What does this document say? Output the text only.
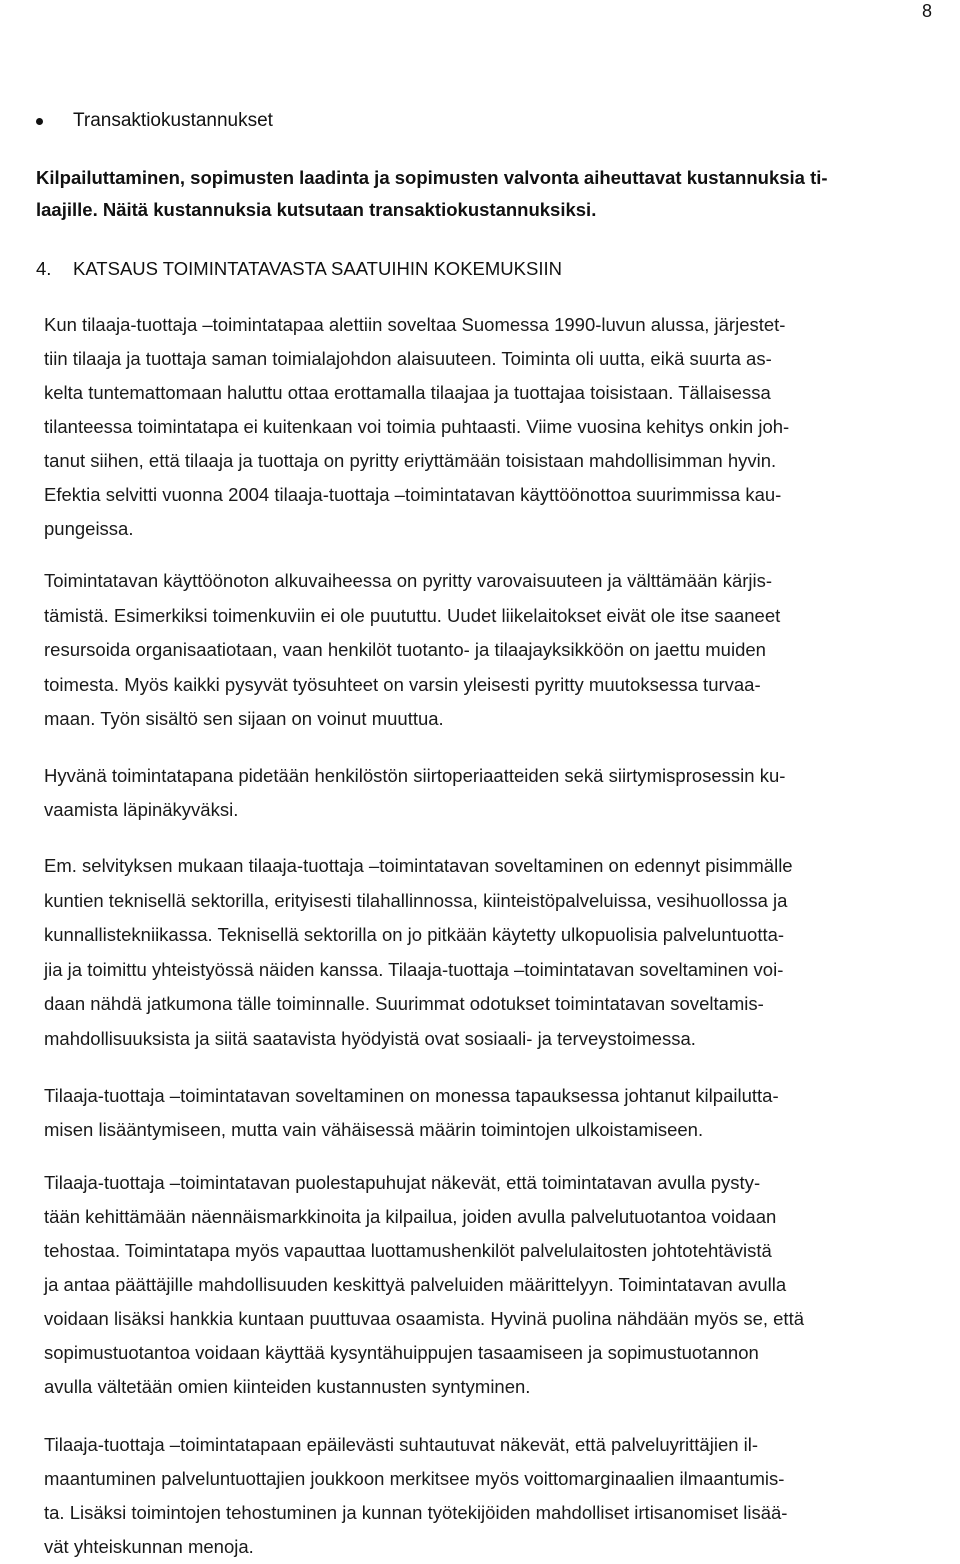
8
Transaktiokustannukset
Kilpailuttaminen, sopimusten laadinta ja sopimusten valvonta aiheuttavat kustannuksia ti-
laajille. Näitä kustannuksia kutsutaan transaktiokustannuksiksi.
4. KATSAUS TOIMINTATAVASTA SAATUIHIN KOKEMUKSIIN
Kun tilaaja-tuottaja –toimintatapaa alettiin soveltaa Suomessa 1990-luvun alussa, järjestet-
tiin tilaaja ja tuottaja saman toimialajohdon alaisuuteen. Toiminta oli uutta, eikä suurta as-
kelta tuntemattomaan haluttu ottaa erottamalla tilaajaa ja tuottajaa toisistaan. Tällaisessa
tilanteessa toimintatapa ei kuitenkaan voi toimia puhtaasti. Viime vuosina kehitys onkin joh-
tanut siihen, että tilaaja ja tuottaja on pyritty eriyttämään toisistaan mahdollisimman hyvin.
Efektia selvitti vuonna 2004 tilaaja-tuottaja –toimintatavan käyttöönottoa suurimmissa kau-
pungeissa.
Toimintatavan käyttöönoton alkuvaiheessa on pyritty varovaisuuteen ja välttämään kärjis-
tämistä. Esimerkiksi toimenkuviin ei ole puututtu. Uudet liikelaitokset eivät ole itse saaneet
resursoida organisaatiotaan, vaan henkilöt tuotanto- ja tilaajayksikköön on jaettu muiden
toimesta. Myös kaikki pysyvät työsuhteet on varsin yleisesti pyritty muutoksessa turvaa-
maan. Työn sisältö sen sijaan on voinut muuttua.
Hyvänä toimintatapana pidetään henkilöstön siirtoperiaatteiden sekä siirtymisprosessin ku-
vaamista läpinäkyväksi.
Em. selvityksen mukaan tilaaja-tuottaja –toimintatavan soveltaminen on edennyt pisimmälle
kuntien teknisellä sektorilla, erityisesti tilahallinnossa, kiinteistöpalveluissa, vesihuollossa ja
kunnallistekniikassa. Teknisellä sektorilla on jo pitkään käytetty ulkopuolisia palveluntuotta-
jia ja toimittu yhteistyössä näiden kanssa. Tilaaja-tuottaja –toimintatavan soveltaminen voi-
daan nähdä jatkumona tälle toiminnalle. Suurimmat odotukset toimintatavan soveltamis-
mahdollisuuksista ja siitä saatavista hyödyistä ovat sosiaali- ja terveystoimessa.
Tilaaja-tuottaja –toimintatavan soveltaminen on monessa tapauksessa johtanut kilpailutta-
misen lisääntymiseen, mutta vain vähäisessä määrin toimintojen ulkoistamiseen.
Tilaaja-tuottaja –toimintatavan puolestapuhujat näkevät, että toimintatavan avulla pysty-
tään kehittämään näennäismarkkinoita ja kilpailua, joiden avulla palvelutuotantoa voidaan
tehostaa. Toimintatapa myös vapauttaa luottamushenkilöt palvelulaitosten johtotehtävistä
ja antaa päättäjille mahdollisuuden keskittyä palveluiden määrittelyyn. Toimintatavan avulla
voidaan lisäksi hankkia kuntaan puuttuvaa osaamista. Hyvinä puolina nähdään myös se, että
sopimustuotantoa voidaan käyttää kysyntähuippujen tasaamiseen ja sopimustuotannon
avulla vältetään omien kiinteiden kustannusten syntyminen.
Tilaaja-tuottaja –toimintatapaan epäilevästi suhtautuvat näkevät, että palveluyrittäjien il-
maantuminen palveluntuottajien joukkoon merkitsee myös voittomarginaalien ilmaantumis-
ta. Lisäksi toimintojen tehostuminen ja kunnan työtekijöiden mahdolliset irtisanomiset lisää-
vät yhteiskunnan menoja.
